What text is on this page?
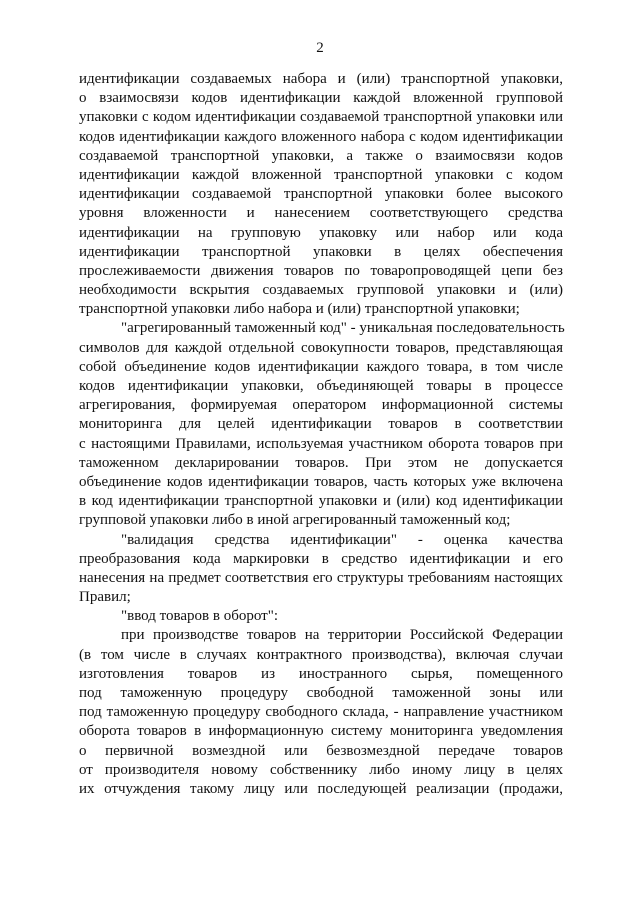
2

идентификации создаваемых набора и (или) транспортной упаковки,
о взаимосвязи кодов идентификации каждой вложенной групповой
упаковки с кодом идентификации создаваемой транспортной упаковки или
кодов идентификации каждого вложенного набора с кодом идентификации
создаваемой транспортной упаковки, а также о взаимосвязи кодов
идентификации каждой вложенной транспортной упаковки с кодом
идентификации создаваемой транспортной упаковки более высокого
уровня вложенности и нанесением соответствующего средства
идентификации на групповую упаковку или набор или кода
идентификации транспортной упаковки в целях обеспечения
прослеживаемости движения товаров по товаропроводящей цепи без
необходимости вскрытия создаваемых групповой упаковки и (или)
транспортной упаковки либо набора и (или) транспортной упаковки;

"агрегированный таможенный код" - уникальная последовательность
символов для каждой отдельной совокупности товаров, представляющая
собой объединение кодов идентификации каждого товара, в том числе
кодов идентификации упаковки, объединяющей товары в процессе
агрегирования, формируемая оператором информационной системы
мониторинга для целей идентификации товаров в соответствии
с настоящими Правилами, используемая участником оборота товаров при
таможенном декларировании товаров. При этом не допускается
объединение кодов идентификации товаров, часть которых уже включена
в код идентификации транспортной упаковки и (или) код идентификации
групповой упаковки либо в иной агрегированный таможенный код;

"валидация средства идентификации" - оценка качества
преобразования кода маркировки в средство идентификации и его
нанесения на предмет соответствия его структуры требованиям настоящих
Правил;

"ввод товаров в оборот":

при производстве товаров на территории Российской Федерации
(в том числе в случаях контрактного производства), включая случаи
изготовления товаров из иностранного сырья, помещенного
под таможенную процедуру свободной таможенной зоны или
под таможенную процедуру свободного склада, - направление участником
оборота товаров в информационную систему мониторинга уведомления
о первичной возмездной или безвозмездной передаче товаров
от производителя новому собственнику либо иному лицу в целях
их отчуждения такому лицу или последующей реализации (продажи,
